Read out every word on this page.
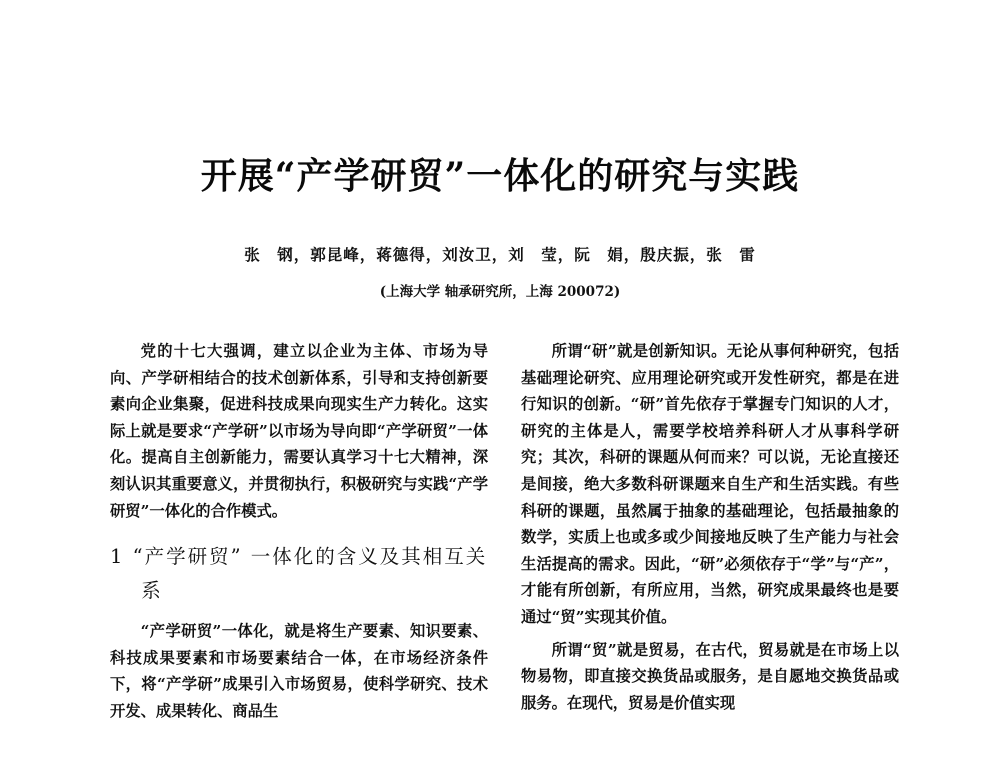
开展“产学研贸”一体化的研究与实践
张　钢，郭昆峰，蒋德得，刘汝卫，刘　莹，阮　娟，殷庆振，张　雷
(上海大学 轴承研究所，上海 200072)

党的十七大强调，建立以企业为主体、市场为导向、产学研相结合的技术创新体系，引导和支持创新要素向企业集聚，促进科技成果向现实生产力转化。这实际上就是要求“产学研”以市场为导向即“产学研贸”一体化。提高自主创新能力，需要认真学习十七大精神，深刻认识其重要意义，并贯彻执行，积极研究与实践“产学研贸”一体化的合作模式。

1 “产学研贸” 一体化的含义及其相互关系

“产学研贸”一体化，就是将生产要素、知识要素、科技成果要素和市场要素结合一体，在市场经济条件下，将“产学研”成果引入市场贸易，使科学研究、技术开发、成果转化、商品生

所谓“研”就是创新知识。无论从事何种研究，包括基础理论研究、应用理论研究或开发性研究，都是在进行知识的创新。“研”首先依存于掌握专门知识的人才，研究的主体是人，需要学校培养科研人才从事科学研究；其次，科研的课题从何而来？可以说，无论直接还是间接，绝大多数科研课题来自生产和生活实践。有些科研的课题，虽然属于抽象的基础理论，包括最抽象的数学，实质上也或多或少间接地反映了生产能力与社会生活提高的需求。因此，“研”必须依存于“学”与“产”，才能有所创新，有所应用，当然，研究成果最终也是要通过“贸”实现其价值。

所谓“贸”就是贸易，在古代，贸易就是在市场上以物易物，即直接交换货品或服务，是自愿地交换货品或服务。在现代，贸易是价值实现
